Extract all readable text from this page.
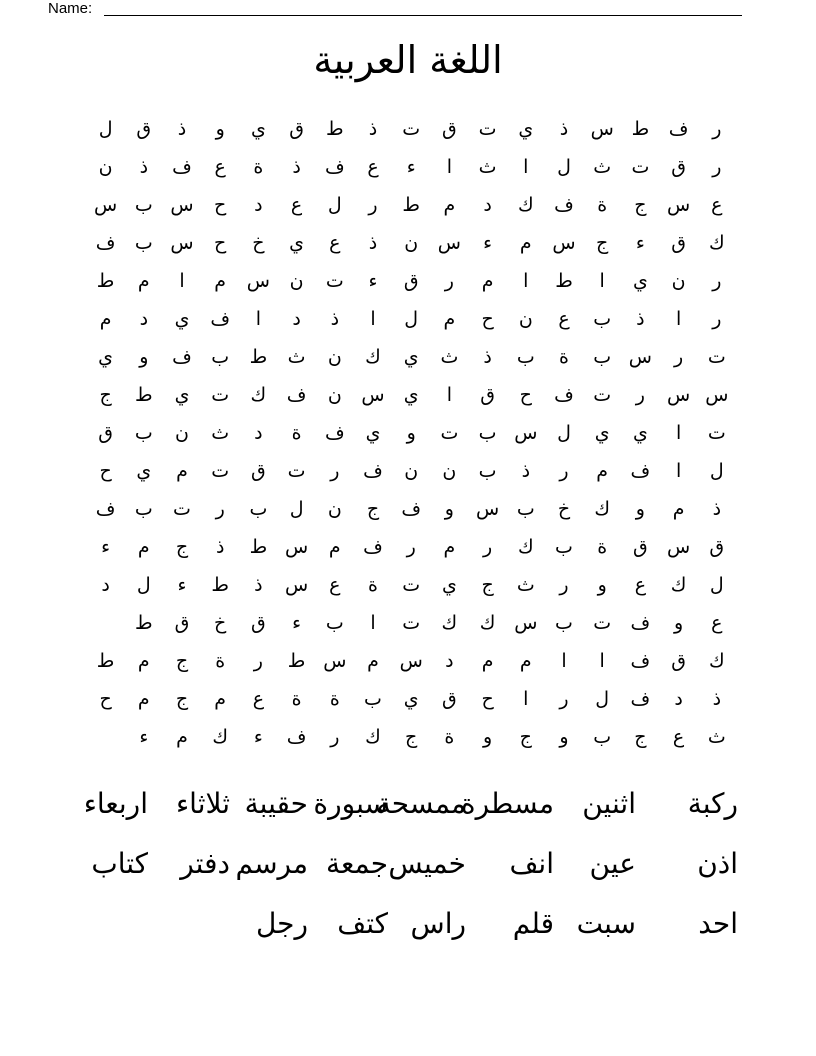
Name:
اللغة العربية
ر
ف
ط
س
ذ
ي
ت
ق
ت
ذ
ط
ق
ي
و
ذ
ق
ل
ر
ق
ت
ث
ل
ا
ث
ا
ء
ع
ف
ذ
ة
ع
ف
ذ
ن
ع
س
ج
ة
ف
ك
د
م
ط
ر
ل
ع
د
ح
س
ب
س
ك
ق
ء
ج
س
م
ء
س
ن
ذ
ع
ي
خ
ح
س
ب
ف
ر
ن
ي
ا
ط
ا
م
ر
ق
ء
ت
ن
س
م
ا
م
ط
ر
ا
ذ
ب
ع
ن
ح
م
ل
ا
ذ
د
ا
ف
ي
د
م
ت
ر
س
ب
ة
ب
ذ
ث
ي
ك
ن
ث
ط
ب
ف
و
ي
س
س
ر
ت
ف
ح
ق
ا
ي
س
ن
ف
ك
ت
ي
ط
ج
ت
ا
ي
ي
ل
س
ب
ت
و
ي
ف
ة
د
ث
ن
ب
ق
ل
ا
ف
م
ر
ذ
ب
ن
ن
ف
ر
ت
ق
ت
م
ي
ح
ذ
م
و
ك
خ
ب
س
و
ف
ج
ن
ل
ب
ر
ت
ب
ف
ق
س
ق
ة
ب
ك
ر
م
ر
ف
م
س
ط
ذ
ج
م
ء
ل
ك
ع
و
ر
ث
ج
ي
ت
ة
ع
س
ذ
ط
ء
ل
د
ع
و
ف
ت
ب
س
ك
ك
ت
ا
ب
ء
ق
خ
ق
ط
ك
ق
ف
ا
ا
م
م
د
س
م
س
ط
ر
ة
ج
م
ط
ذ
د
ف
ل
ر
ا
ح
ق
ي
ب
ة
ة
ع
م
ج
م
ح
ث
ع
ج
ب
و
ج
و
ة
ج
ك
ر
ف
ء
ك
م
ء
ركبة
اثنين
مسطرة
ممسحة
سبورة
حقيبة
ثلاثاء
اربعاء
اذن
عين
انف
خميس
جمعة
مرسم
دفتر
كتاب
احد
سبت
قلم
راس
كتف
رجل
